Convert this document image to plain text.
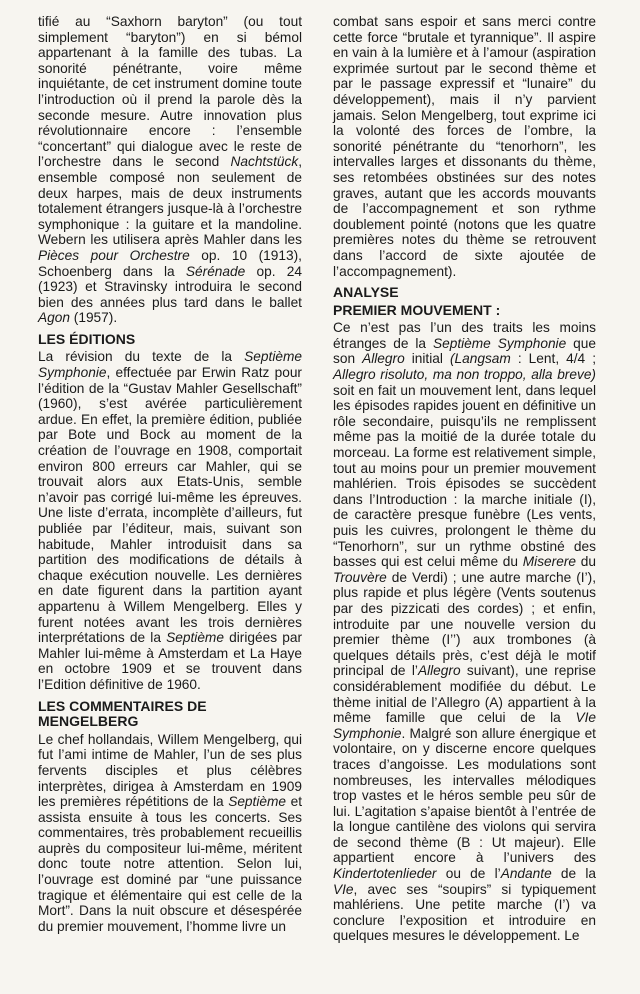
tifié au “Saxhorn baryton” (ou tout simplement “baryton”) en si bémol appartenant à la famille des tubas. La sonorité pénétrante, voire même inquiétante, de cet instrument domine toute l’introduction où il prend la parole dès la seconde mesure. Autre innovation plus révolutionnaire encore : l’ensemble “concertant” qui dialogue avec le reste de l’orchestre dans le second Nachtstück, ensemble composé non seulement de deux harpes, mais de deux instruments totalement étrangers jusque-là à l’orchestre symphonique : la guitare et la mandoline. Webern les utilisera après Mahler dans les Pièces pour Orchestre op. 10 (1913), Schoenberg dans la Sérénade op. 24 (1923) et Stravinsky introduira le second bien des années plus tard dans le ballet Agon (1957).

LES ÉDITIONS

La révision du texte de la Septième Symphonie, effectuée par Erwin Ratz pour l’édition de la “Gustav Mahler Gesellschaft” (1960), s’est avérée particulièrement ardue. En effet, la première édition, publiée par Bote und Bock au moment de la création de l’ouvrage en 1908, comportait environ 800 erreurs car Mahler, qui se trouvait alors aux Etats-Unis, semble n’avoir pas corrigé lui-même les épreuves. Une liste d’errata, incomplète d’ailleurs, fut publiée par l’éditeur, mais, suivant son habitude, Mahler introduisit dans sa partition des modifications de détails à chaque exécution nouvelle. Les dernières en date figurent dans la partition ayant appartenu à Willem Mengelberg. Elles y furent notées avant les trois dernières interprétations de la Septième dirigées par Mahler lui-même à Amsterdam et La Haye en octobre 1909 et se trouvent dans l’Edition définitive de 1960.

LES COMMENTAIRES DE MENGELBERG

Le chef hollandais, Willem Mengelberg, qui fut l’ami intime de Mahler, l’un de ses plus fervents disciples et plus célèbres interprètes, dirigea à Amsterdam en 1909 les premières répétitions de la Septième et assista ensuite à tous les concerts. Ses commentaires, très probablement recueillis auprès du compositeur lui-même, méritent donc toute notre attention. Selon lui, l’ouvrage est dominé par “une puissance tragique et élémentaire qui est celle de la Mort”. Dans la nuit obscure et désespérée du premier mouvement, l’homme livre un

combat sans espoir et sans merci contre cette force “brutale et tyrannique”. Il aspire en vain à la lumière et à l’amour (aspiration exprimée surtout par le second thème et par le passage expressif et “lunaire” du développement), mais il n’y parvient jamais. Selon Mengelberg, tout exprime ici la volonté des forces de l’ombre, la sonorité pénétrante du “tenorhorn”, les intervalles larges et dissonants du thème, ses retombées obstinées sur des notes graves, autant que les accords mouvants de l’accompagnement et son rythme doublement pointé (notons que les quatre premières notes du thème se retrouvent dans l’accord de sixte ajoutée de l’accompagnement).

ANALYSE
PREMIER MOUVEMENT :

Ce n’est pas l’un des traits les moins étranges de la Septième Symphonie que son Allegro initial (Langsam : Lent, 4/4 ; Allegro risoluto, ma non troppo, alla breve) soit en fait un mouvement lent, dans lequel les épisodes rapides jouent en définitive un rôle secondaire, puisqu’ils ne remplissent même pas la moitié de la durée totale du morceau. La forme est relativement simple, tout au moins pour un premier mouvement mahlérien. Trois épisodes se succèdent dans l’Introduction : la marche initiale (I), de caractère presque funèbre (Les vents, puis les cuivres, prolongent le thème du “Tenorhorn”, sur un rythme obstiné des basses qui est celui même du Miserere du Trouvère de Verdi) ; une autre marche (I’), plus rapide et plus légère (Vents soutenus par des pizzicati des cordes) ; et enfin, introduite par une nouvelle version du premier thème (I’’) aux trombones (à quelques détails près, c’est déjà le motif principal de l’Allegro suivant), une reprise considérablement modifiée du début. Le thème initial de l’Allegro (A) appartient à la même famille que celui de la VIe Symphonie. Malgré son allure énergique et volontaire, on y discerne encore quelques traces d’angoisse. Les modulations sont nombreuses, les intervalles mélodiques trop vastes et le héros semble peu sûr de lui. L’agitation s’apaise bientôt à l’entrée de la longue cantilène des violons qui servira de second thème (B : Ut majeur). Elle appartient encore à l’univers des Kindertotenlieder ou de l’Andante de la VIe, avec ses “soupirs” si typiquement mahlériens. Une petite marche (I’) va conclure l’exposition et introduire en quelques mesures le développement. Le
